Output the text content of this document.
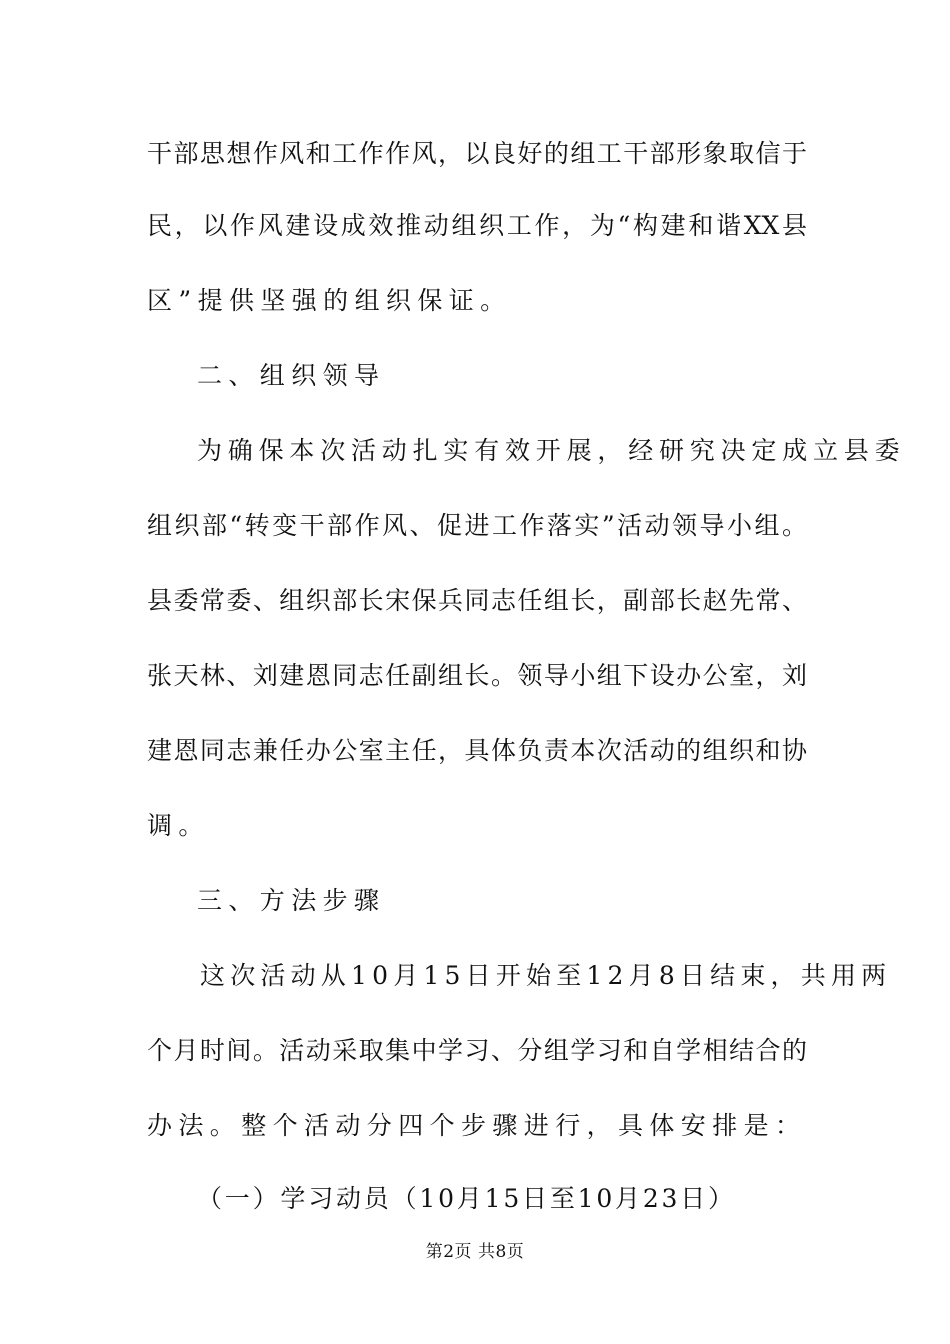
干部思想作风和工作作风，以良好的组工干部形象取信于
民，以作风建设成效推动组织工作，为“构建和谐XX县
区”提供坚强的组织保证。
二、组织领导
为确保本次活动扎实有效开展，经研究决定成立县委
组织部“转变干部作风、促进工作落实”活动领导小组。
县委常委、组织部长宋保兵同志任组长，副部长赵先常、
张天林、刘建恩同志任副组长。领导小组下设办公室，刘
建恩同志兼任办公室主任，具体负责本次活动的组织和协
调。
三、方法步骤
这次活动从10月15日开始至12月8日结束，共用两
个月时间。活动采取集中学习、分组学习和自学相结合的
办法。整个活动分四个步骤进行，具体安排是：
（一）学习动员（10月15日至10月23日）
第2页 共8页
